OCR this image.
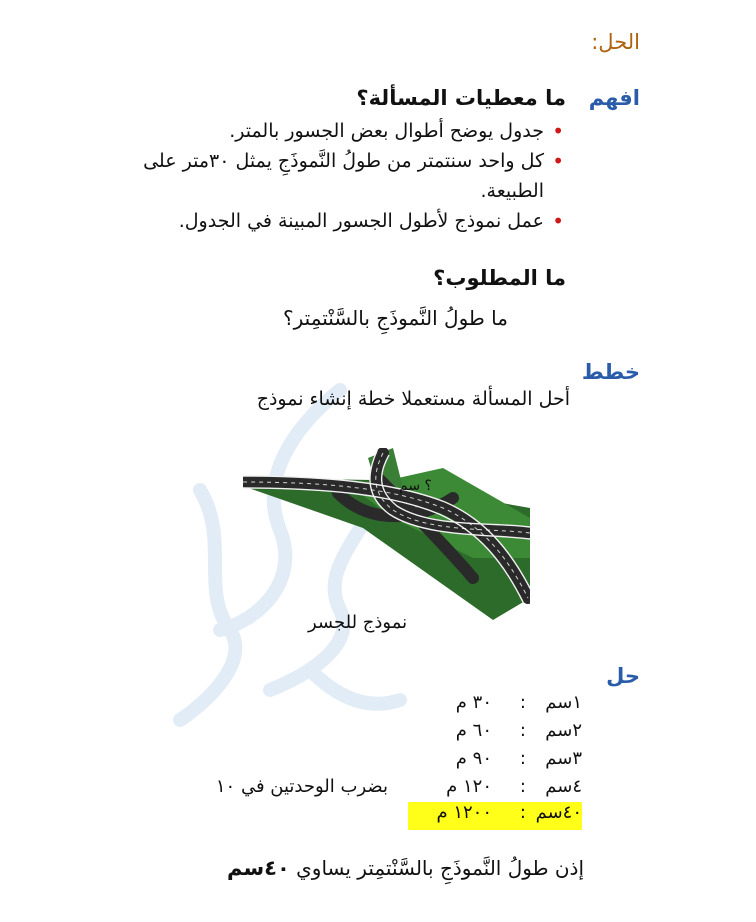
الحل:
افهم
ما معطيات المسألة؟
•
جدول يوضح أطوال بعض الجسور بالمتر.
•
كل واحد سنتمتر من طولُ النَّموذَجِ يمثل ٣٠متر على الطبيعة.
•
عمل نموذج لأطول الجسور المبينة في الجدول.
ما المطلوب؟
ما طولُ النَّموذَجِ بالسَّنْتمِتر؟
خطط
أحل المسألة مستعملا خطة إنشاء نموذج
؟ سم
نموذج للجسر
حل
١سم
:
٣٠ م
٢سم
:
٦٠ م
٣سم
:
٩٠ م
٤سم
:
١٢٠ م
بضرب الوحدتين في ١٠
٤٠سم
:
١٢٠٠ م
إذن طولُ النَّموذَجِ بالسَّنْتمِتر يساوي ٤٠سم
